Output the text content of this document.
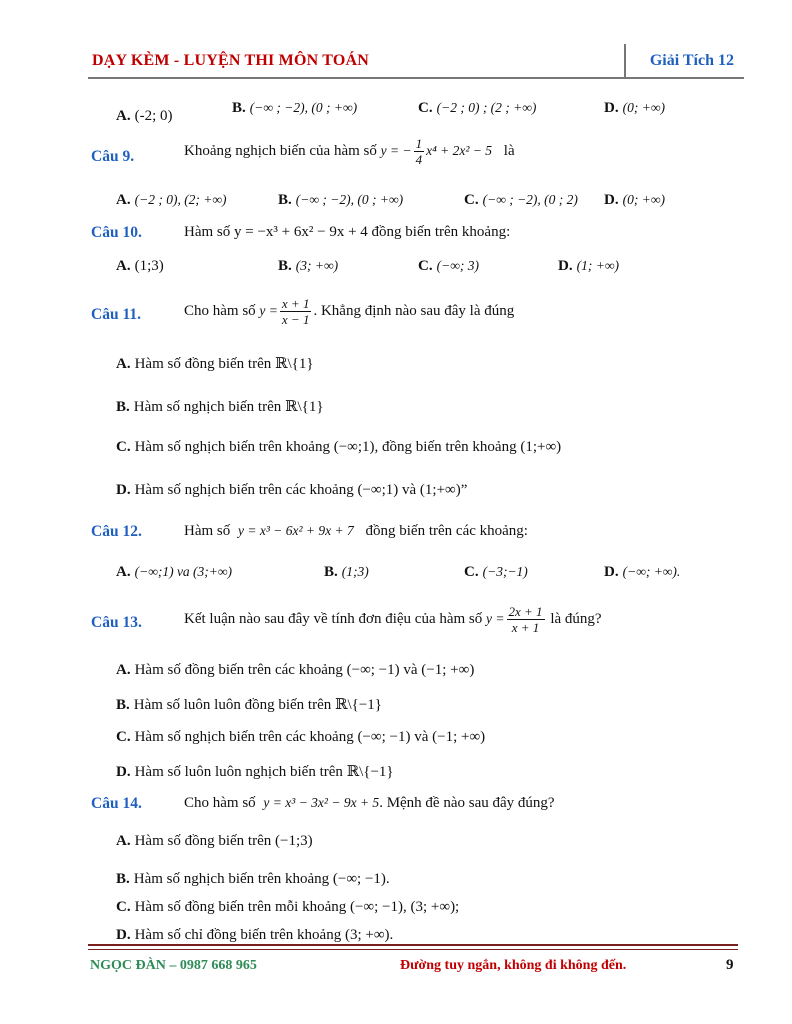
DẠY KÈM - LUYỆN THI MÔN TOÁN	Giải Tích 12
A. (-2; 0)	B. (−∞ ; −2), (0 ; +∞)	C. (−2 ; 0) ; (2 ; +∞)	D. (0; +∞)
Câu 9.	Khoảng nghịch biến của hàm số y = − $\frac{1}{4} x^4 + 2x^2 - 5$ là
A. (−2 ; 0), (2; +∞)	B. (−∞ ; −2), (0 ; +∞)	C. (−∞ ; −2), (0 ; 2) D. (0; +∞)
Câu 10.	Hàm số y = −x³ + 6x² − 9x + 4 đồng biến trên khoảng:
A. (1;3)	B. (3; +∞)	C. (−∞; 3)	D. (1; +∞)
Câu 11.	Cho hàm số $y = \frac{x + 1}{x - 1}$ . Khẳng định nào sau đây là đúng
A. Hàm số đồng biến trên ℝ\{1}
B. Hàm số nghịch biến trên ℝ\{1}
C. Hàm số nghịch biến trên khoảng (−∞;1), đồng biến trên khoảng (1;+∞)
D. Hàm số nghịch biến trên các khoảng (−∞;1) và (1;+∞)”
Câu 12.	Hàm số y = x³ − 6x² + 9x + 7 đồng biến trên các khoảng:
A. (−∞;1) va (3;+∞)	B. (1;3)	C. (−3;−1)	D. (−∞; +∞).
Câu 13.	Kết luận nào sau đây về tính đơn điệu của hàm số $y = \frac{2x + 1}{x + 1}$ là đúng?
A. Hàm số đồng biến trên các khoảng (−∞; −1) và (−1; +∞)
B. Hàm số luôn luôn đồng biến trên ℝ\{−1}
C. Hàm số nghịch biến trên các khoảng (−∞; −1) và (−1; +∞)
D. Hàm số luôn luôn nghịch biến trên ℝ\{−1}
Câu 14.	Cho hàm số y = x³ − 3x² − 9x + 5. Mệnh đề nào sau đây đúng?
A. Hàm số đồng biến trên (−1;3)
B. Hàm số nghịch biến trên khoảng (−∞; −1).
C. Hàm số đồng biến trên mỗi khoảng (−∞; −1), (3; +∞);
D. Hàm số chỉ đồng biến trên khoảng (3; +∞).
NGỌC ĐÀN – 0987 668 965	Đường tuy ngắn, không đi không đến.	9
